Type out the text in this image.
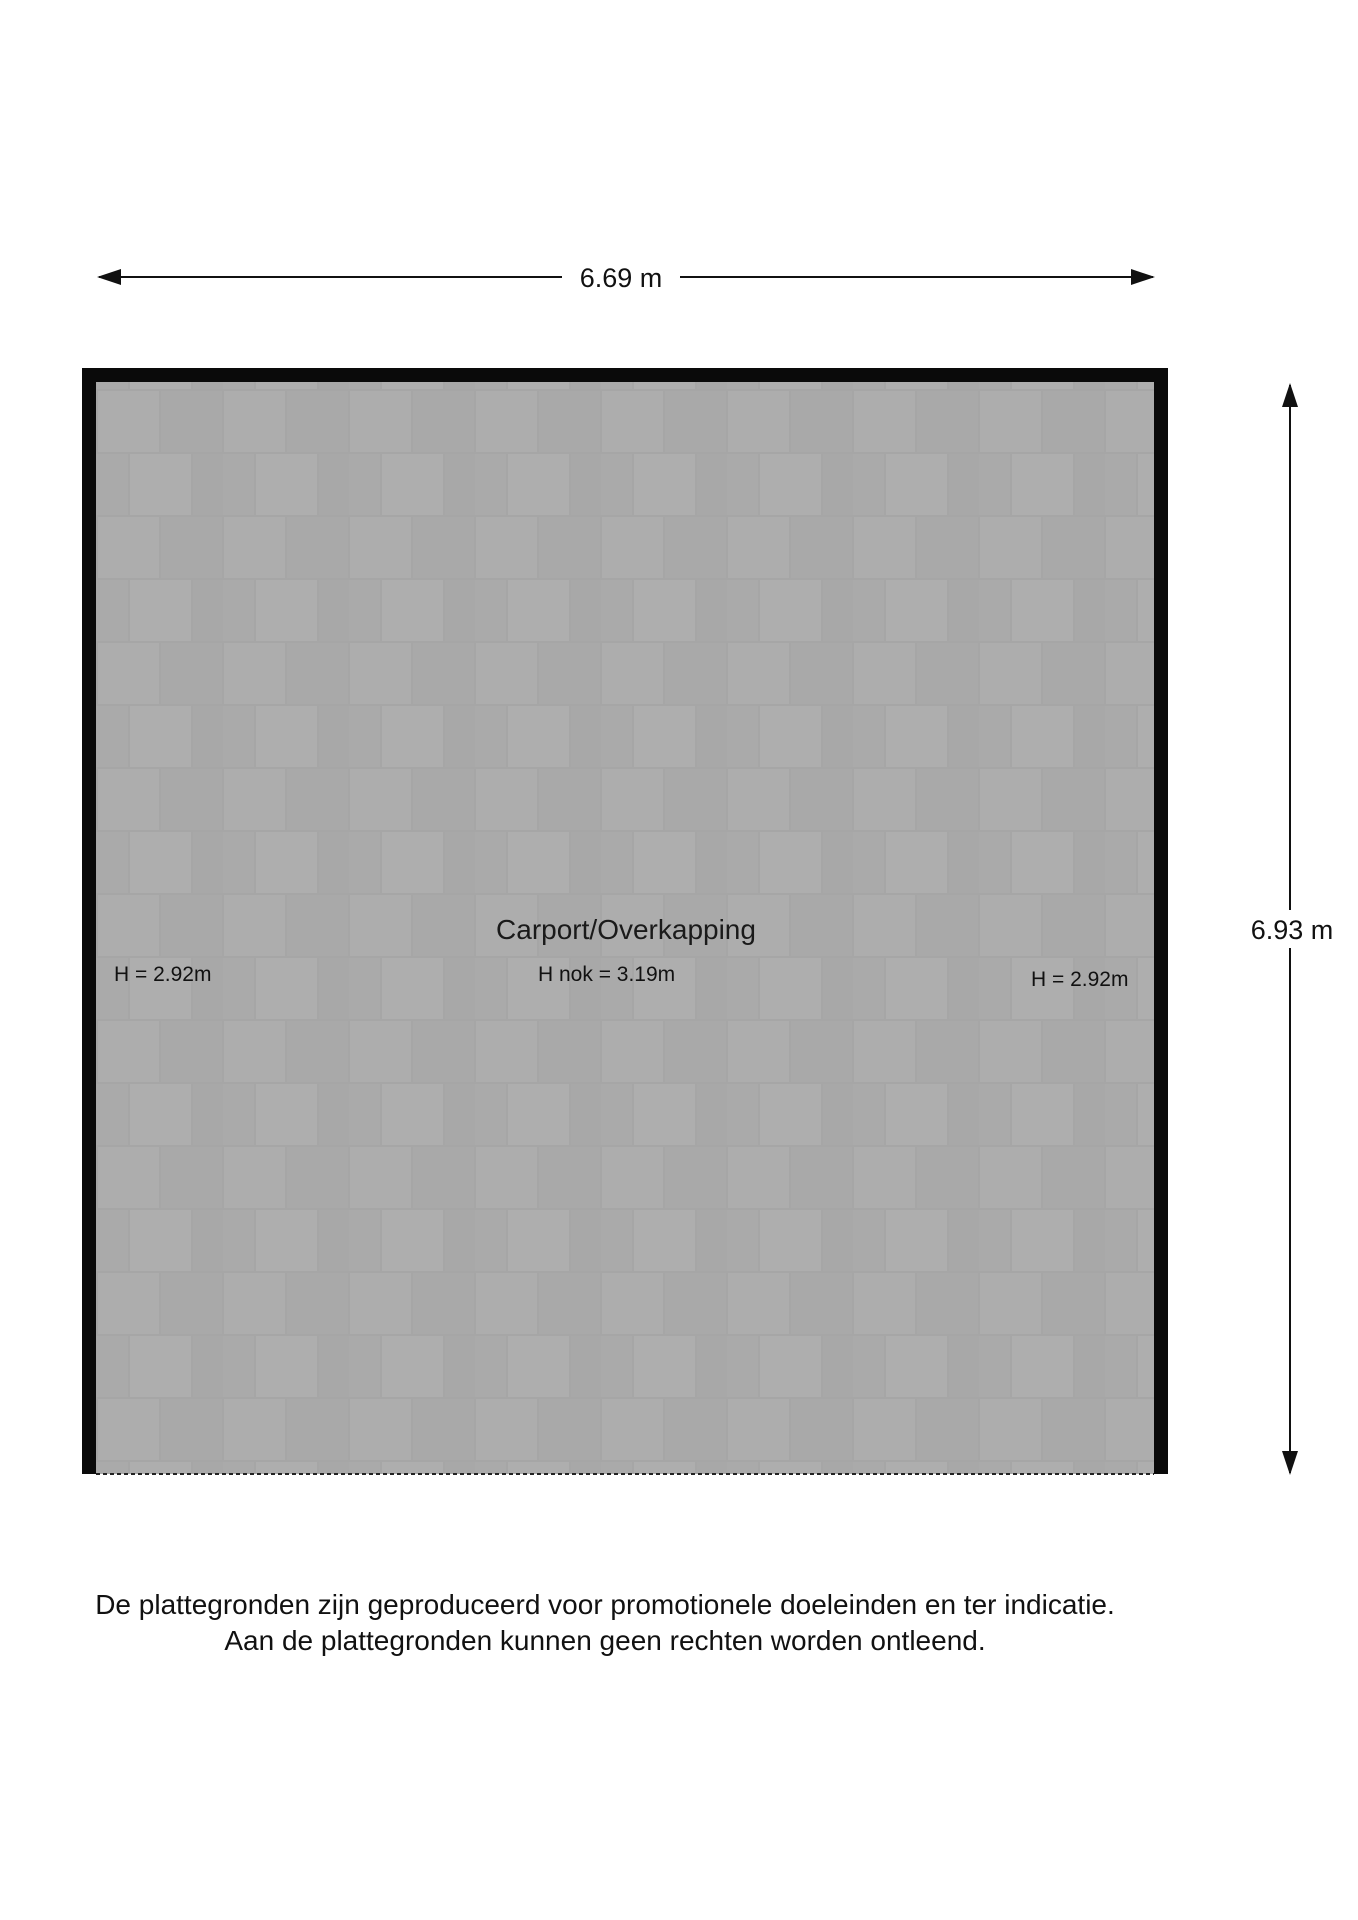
6.69 m
6.93 m
Carport/Overkapping
H = 2.92m	H nok = 3.19m	H = 2.92m
De plattegronden zijn geproduceerd voor promotionele doeleinden en ter indicatie.
Aan de plattegronden kunnen geen rechten worden ontleend.
